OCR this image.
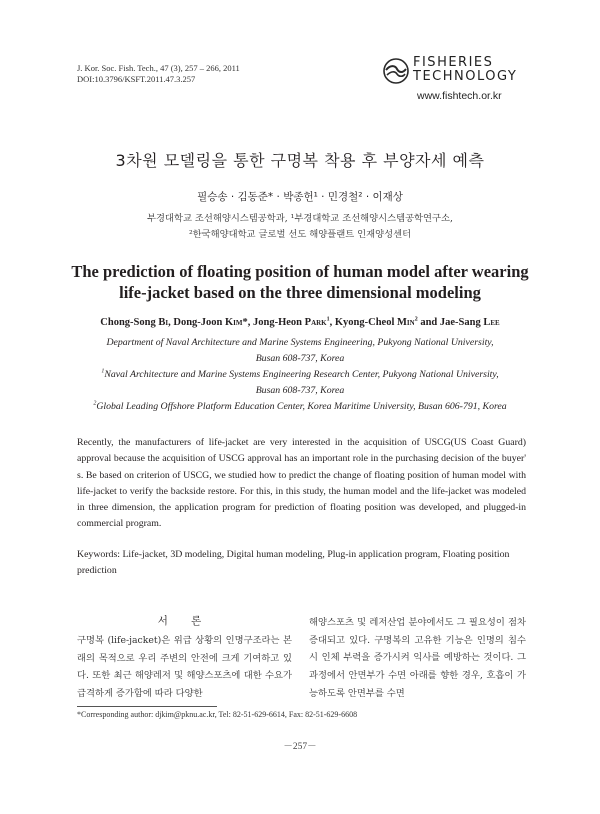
J. Kor. Soc. Fish. Tech., 47 (3), 257 – 266, 2011
DOI:10.3796/KSFT.2011.47.3.257
FISHERIES
TECHNOLOGY
www.fishtech.or.kr
3차원 모델링을 통한 구명복 착용 후 부양자세 예측
필승송 · 김동준* · 박종헌¹ · 민경철² · 이재상
부경대학교 조선해양시스템공학과, ¹부경대학교 조선해양시스템공학연구소,
²한국해양대학교 글로벌 선도 해양플랜트 인재양성센터
The prediction of floating position of human model after wearing life-jacket based on the three dimensional modeling
Chong-Song Bi, Dong-Joon Kim*, Jong-Heon Park$^1$, Kyong-Cheol Min$^2$ and Jae-Sang Lee
Department of Naval Architecture and Marine Systems Engineering, Pukyong National University,
Busan 608-737, Korea
$^1$Naval Architecture and Marine Systems Engineering Research Center, Pukyong National University,
Busan 608-737, Korea
$^2$Global Leading Offshore Platform Education Center, Korea Maritime University, Busan 606-791, Korea
Recently, the manufacturers of life-jacket are very interested in the acquisition of USCG(US Coast Guard) approval because the acquisition of USCG approval has an important role in the purchasing decision of the buyer' s. Be based on criterion of USCG, we studied how to predict the change of floating position of human model with life-jacket to verify the backside restore. For this, in this study, the human model and the life-jacket was modeled in three dimension, the application program for prediction of floating position was developed, and plugged-in commercial program.
Keywords: Life-jacket, 3D modeling, Digital human modeling, Plug-in application program, Floating position prediction
서 론
구명복 (life-jacket)은 위급 상황의 인명구조라는 본래의 목적으로 우리 주변의 안전에 크게 기여하고 있다. 또한 최근 해양레저 및 해양스포츠에 대한 수요가 급격하게 증가함에 따라 다양한
해양스포츠 및 레저산업 분야에서도 그 필요성이 점차 증대되고 있다. 구명복의 고유한 기능은 인명의 침수 시 인체 부력을 증가시켜 익사를 예방하는 것이다. 그 과정에서 안면부가 수면 아래를 향한 경우, 호흡이 가능하도록 안면부를 수면
*Corresponding author: djkim@pknu.ac.kr, Tel: 82-51-629-6614, Fax: 82-51-629-6608
－257－
